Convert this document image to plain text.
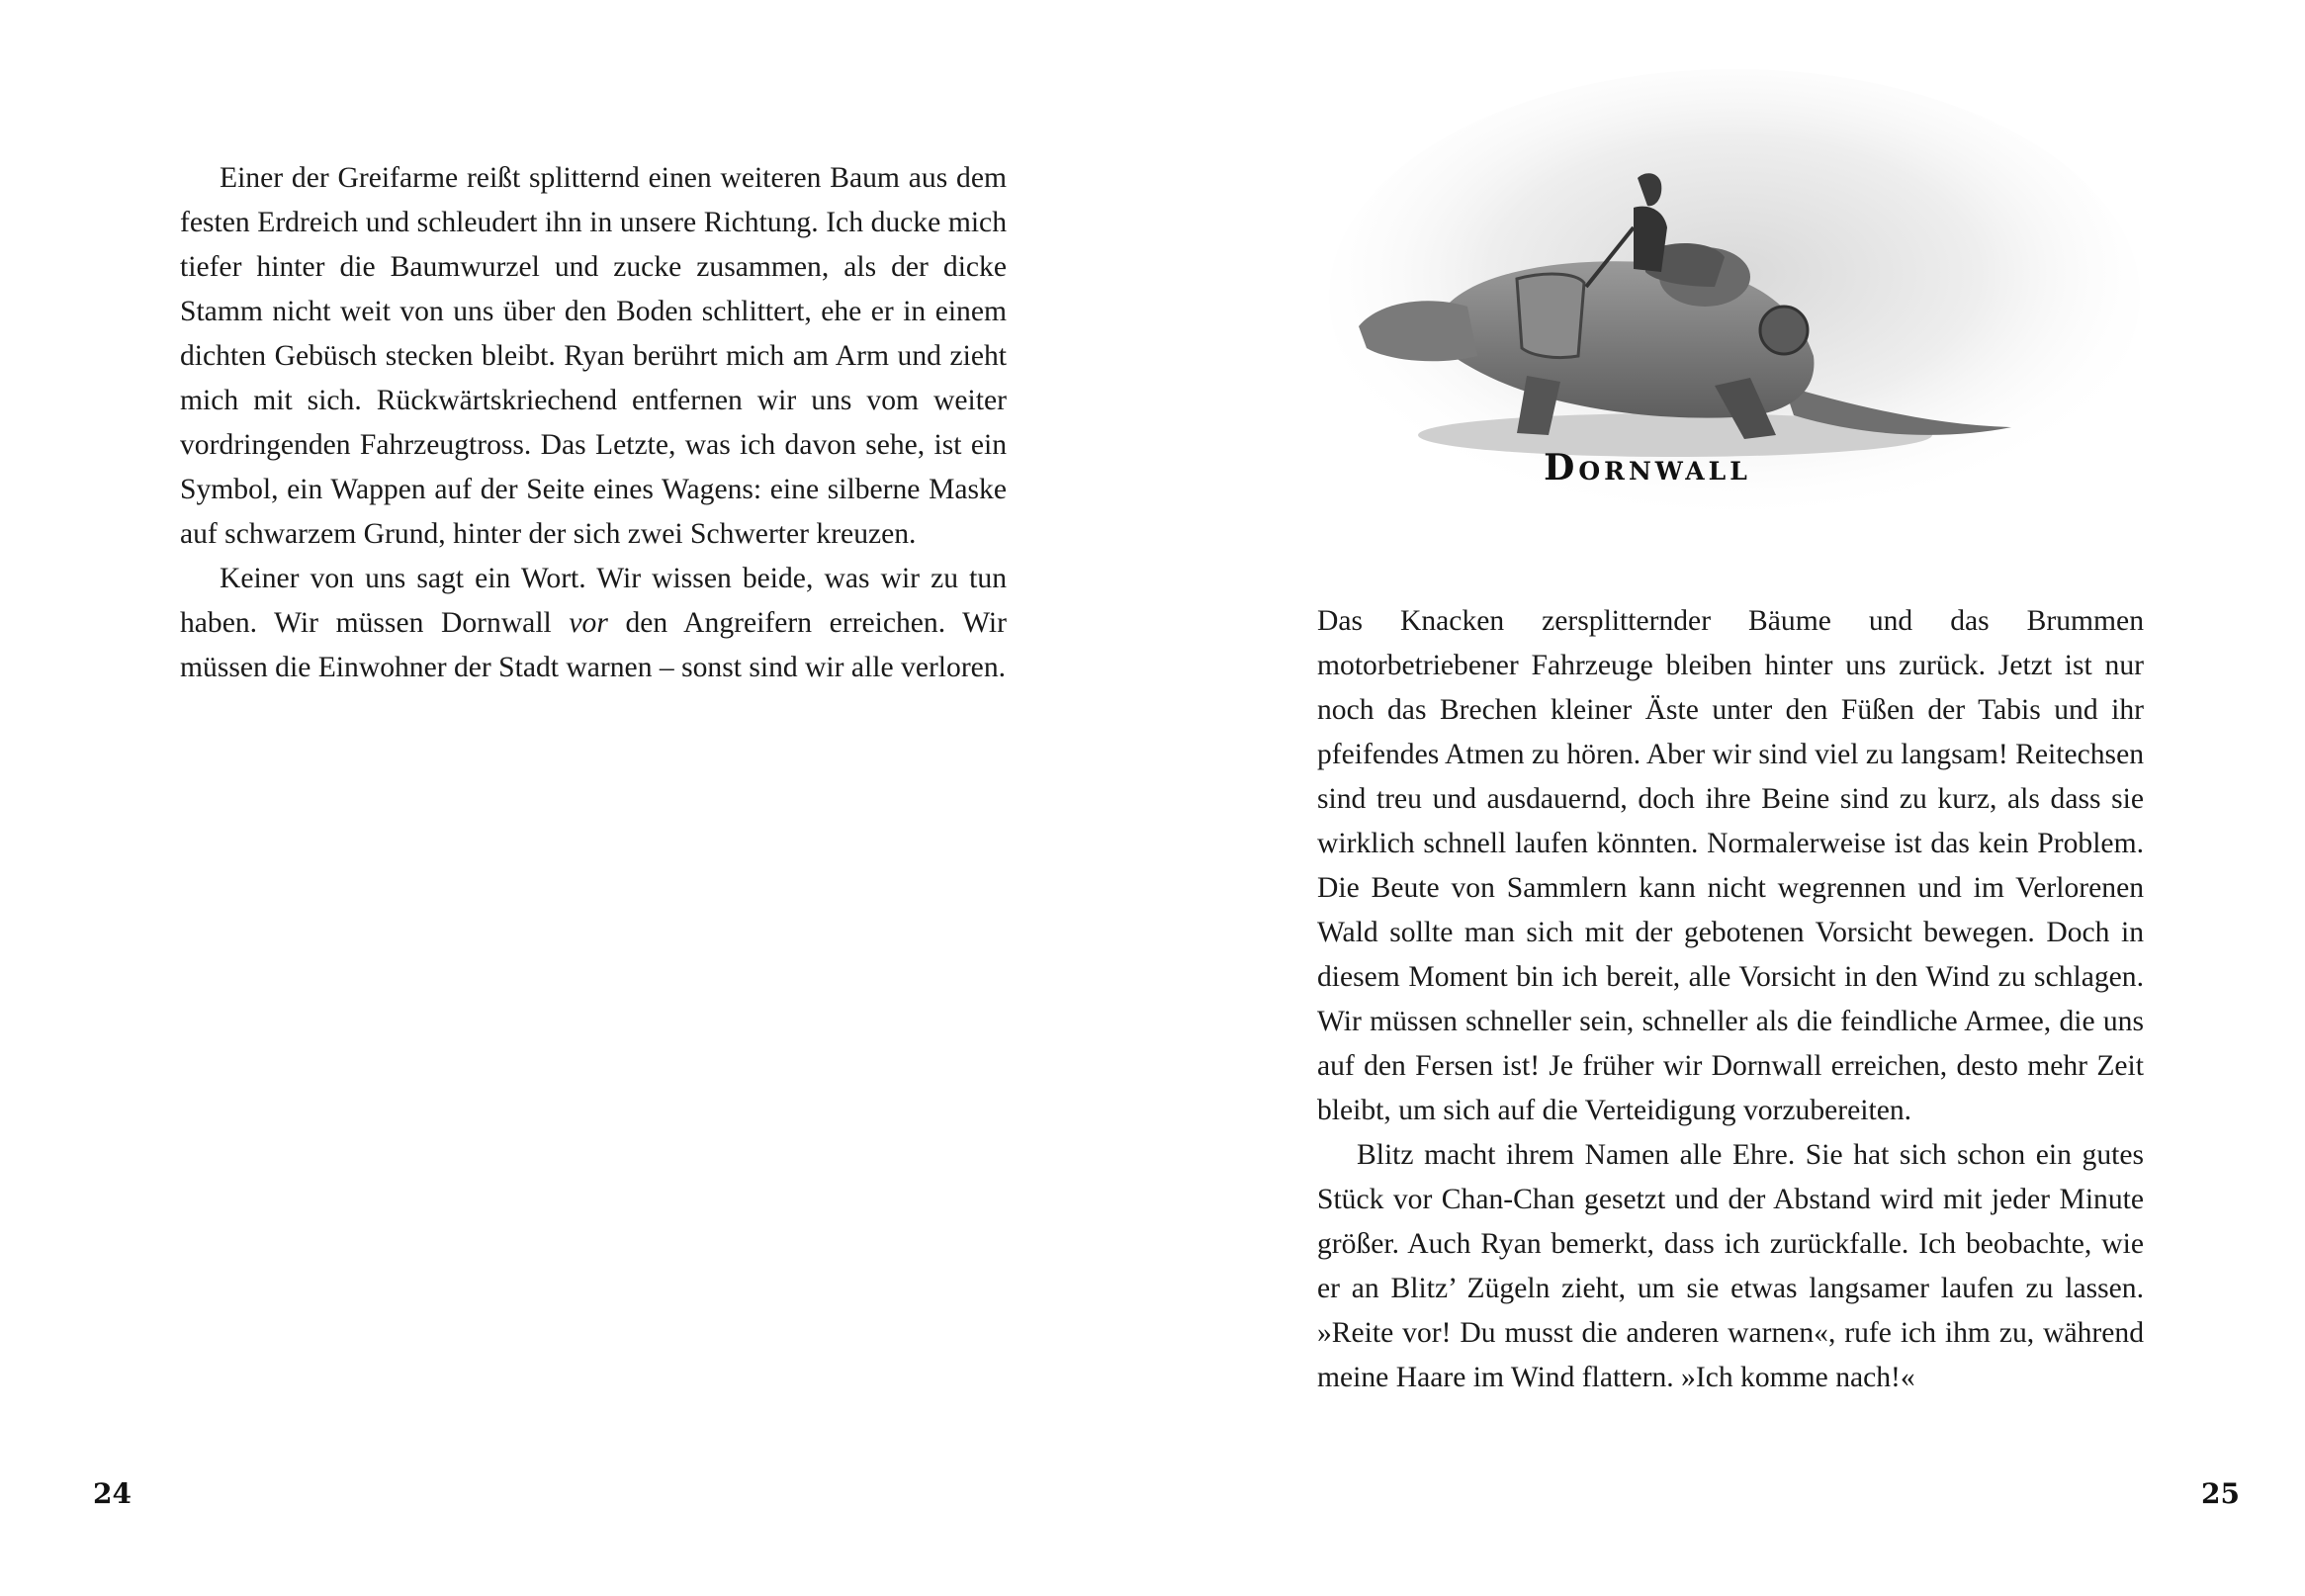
Einer der Greifarme reißt splitternd einen weiteren Baum aus dem festen Erdreich und schleudert ihn in unsere Richtung. Ich ducke mich tiefer hinter die Baumwurzel und zucke zusammen, als der dicke Stamm nicht weit von uns über den Boden schlittert, ehe er in einem dichten Gebüsch stecken bleibt. Ryan berührt mich am Arm und zieht mich mit sich. Rückwärtskriechend entfernen wir uns vom weiter vordringenden Fahrzeugtross. Das Letzte, was ich davon sehe, ist ein Symbol, ein Wappen auf der Seite eines Wagens: eine silberne Maske auf schwarzem Grund, hinter der sich zwei Schwerter kreuzen.

Keiner von uns sagt ein Wort. Wir wissen beide, was wir zu tun haben. Wir müssen Dornwall vor den Angreifern erreichen. Wir müssen die Einwohner der Stadt warnen – sonst sind wir alle verloren.

24
Dornwall

Das Knacken zersplitternder Bäume und das Brummen motorbetriebener Fahrzeuge bleiben hinter uns zurück. Jetzt ist nur noch das Brechen kleiner Äste unter den Füßen der Tabis und ihr pfeifendes Atmen zu hören. Aber wir sind viel zu langsam! Reitechsen sind treu und ausdauernd, doch ihre Beine sind zu kurz, als dass sie wirklich schnell laufen könnten. Normalerweise ist das kein Problem. Die Beute von Sammlern kann nicht wegrennen und im Verlorenen Wald sollte man sich mit der gebotenen Vorsicht bewegen. Doch in diesem Moment bin ich bereit, alle Vorsicht in den Wind zu schlagen. Wir müssen schneller sein, schneller als die feindliche Armee, die uns auf den Fersen ist! Je früher wir Dornwall erreichen, desto mehr Zeit bleibt, um sich auf die Verteidigung vorzubereiten.

Blitz macht ihrem Namen alle Ehre. Sie hat sich schon ein gutes Stück vor Chan-Chan gesetzt und der Abstand wird mit jeder Minute größer. Auch Ryan bemerkt, dass ich zurückfalle. Ich beobachte, wie er an Blitz’ Zügeln zieht, um sie etwas langsamer laufen zu lassen. »Reite vor! Du musst die anderen warnen«, rufe ich ihm zu, während meine Haare im Wind flattern. »Ich komme nach!«

25
